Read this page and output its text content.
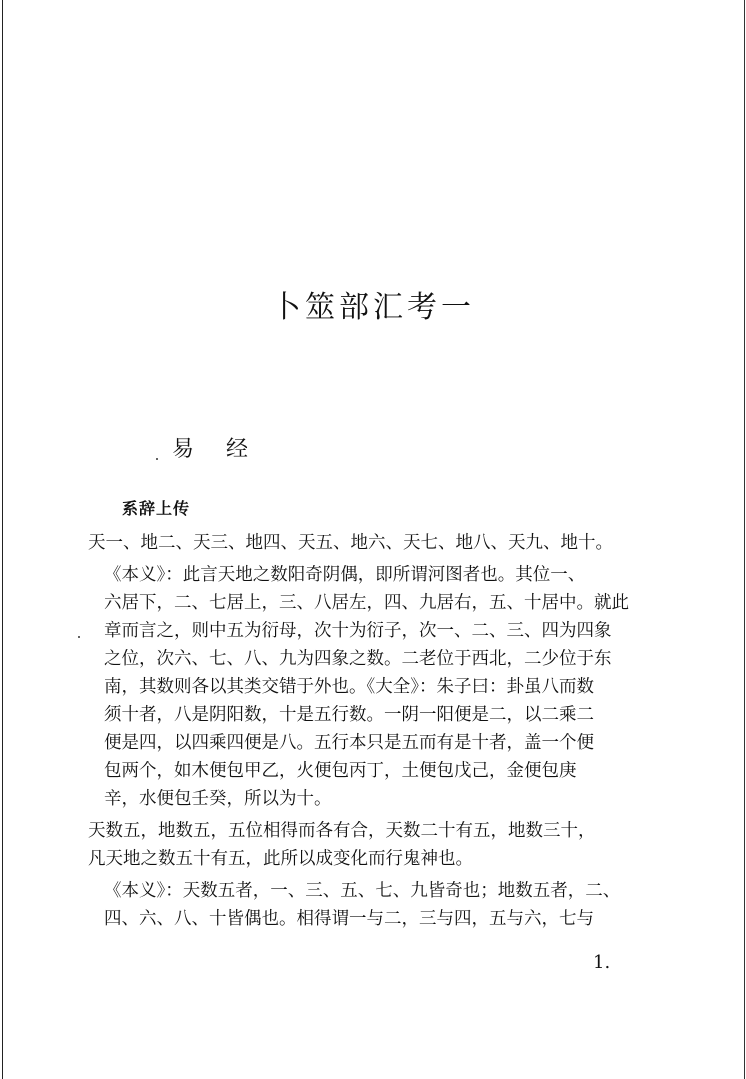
卜筮部汇考一
易经
系辞上传
天一、地二、天三、地四、天五、地六、天七、地八、天九、地十。
《本义》：此言天地之数阳奇阴偶，即所谓河图者也。其位一、
六居下，二、七居上，三、八居左，四、九居右，五、十居中。就此
章而言之，则中五为衍母，次十为衍子，次一、二、三、四为四象
之位，次六、七、八、九为四象之数。二老位于西北，二少位于东
南，其数则各以其类交错于外也。《大全》：朱子曰：卦虽八而数
须十者，八是阴阳数，十是五行数。一阴一阳便是二，以二乘二
便是四，以四乘四便是八。五行本只是五而有是十者，盖一个便
包两个，如木便包甲乙，火便包丙丁，土便包戊己，金便包庚
辛，水便包壬癸，所以为十。
天数五，地数五，五位相得而各有合，天数二十有五，地数三十，
凡天地之数五十有五，此所以成变化而行鬼神也。
《本义》：天数五者，一、三、五、七、九皆奇也；地数五者，二、
四、六、八、十皆偶也。相得谓一与二，三与四，五与六，七与
1.
